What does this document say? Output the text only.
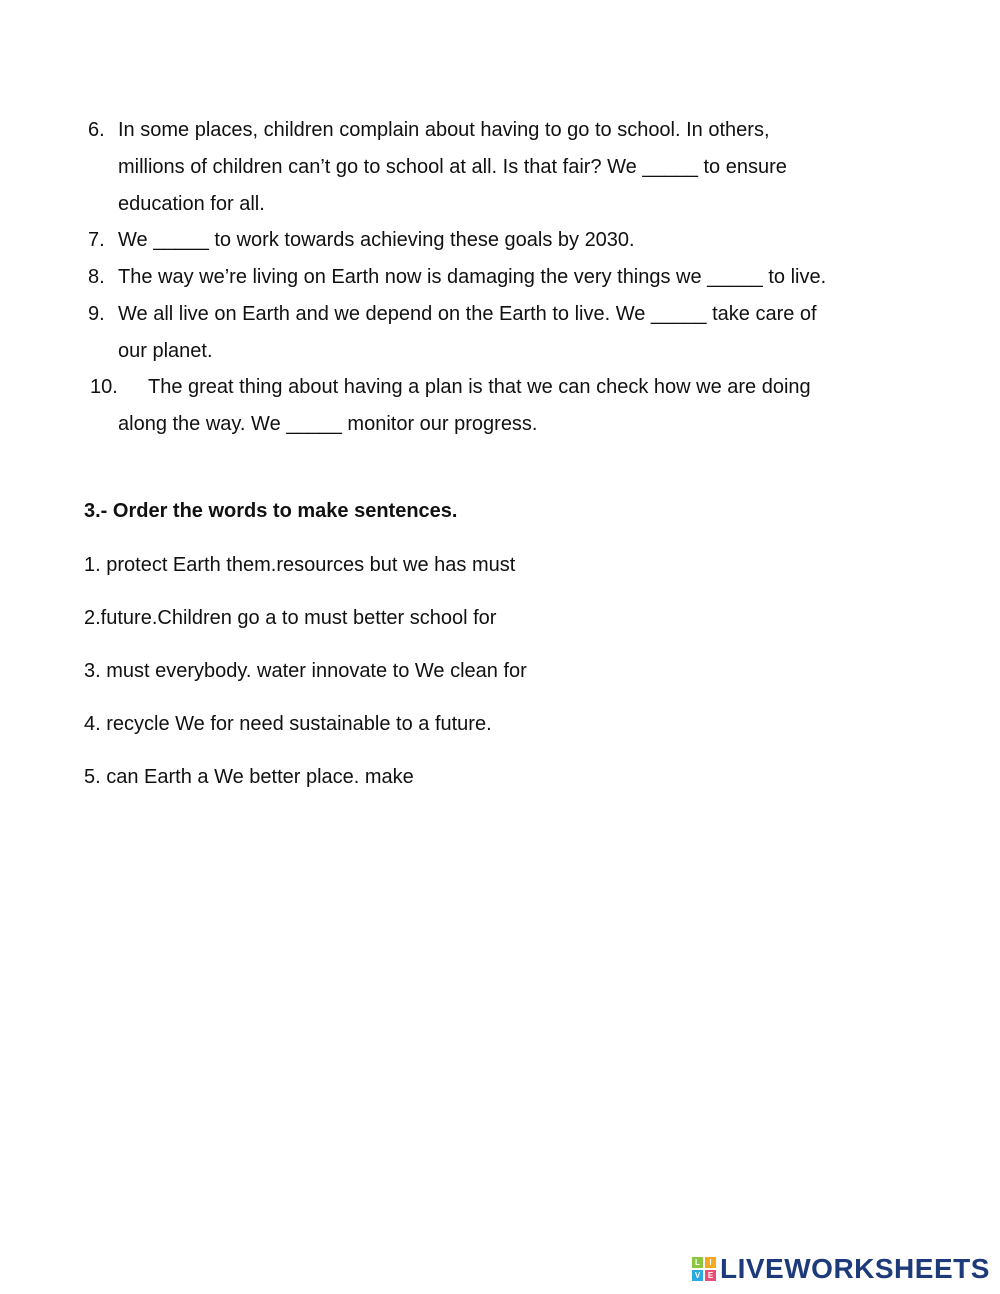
6. In some places, children complain about having to go to school. In others,
millions of children can’t go to school at all. Is that fair? We _____ to ensure
education for all.
7. We _____ to work towards achieving these goals by 2030.
8. The way we’re living on Earth now is damaging the very things we _____ to live.
9. We all live on Earth and we depend on the Earth to live. We _____ take care of
our planet.
10. The great thing about having a plan is that we can check how we are doing
along the way. We _____ monitor our progress.
3.- Order the words to make sentences.
1. protect Earth them.resources but we has must
2.future.Children go a to must better school for
3. must everybody. water innovate to We clean for
4. recycle We for need sustainable to a future.
5. can Earth a We better place. make
L	I
V E LIVEWORKSHEETS
